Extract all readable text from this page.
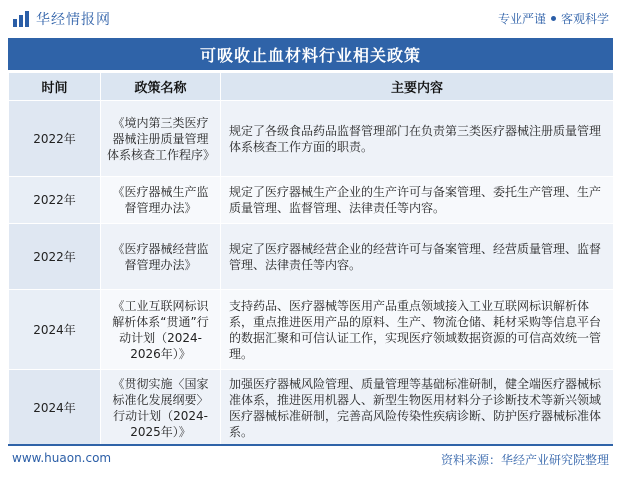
华经情报网	专业严谨 客观科学
可吸收止血材料行业相关政策
时间	政策名称	主要内容
2022年	《境内第三类医疗器械注册质量管理体系核查工作程序》	规定了各级食品药品监督管理部门在负责第三类医疗器械注册质量管理体系核查工作方面的职责。
2022年	《医疗器械生产监督管理办法》	规定了医疗器械生产企业的生产许可与备案管理、委托生产管理、生产质量管理、监督管理、法律责任等内容。
2022年	《医疗器械经营监督管理办法》	规定了医疗器械经营企业的经营许可与备案管理、经营质量管理、监督管理、法律责任等内容。
2024年	《工业互联网标识解析体系“贯通”行动计划（2024-2026年）》	支持药品、医疗器械等医用产品重点领域接入工业互联网标识解析体系，重点推进医用产品的原料、生产、物流仓储、耗材采购等信息平台的数据汇聚和可信认证工作，实现医疗领域数据资源的可信高效统一管理。
2024年	《贯彻实施〈国家标准化发展纲要〉行动计划（2024-2025年）》	加强医疗器械风险管理、质量管理等基础标准研制，健全端医疗器械标准体系，推进医用机器人、新型生物医用材料分子诊断技术等新兴领域医疗器械标准研制，完善高风险传染性疾病诊断、防护医疗器械标准体系。
www.huaon.com	资料来源：华经产业研究院整理
